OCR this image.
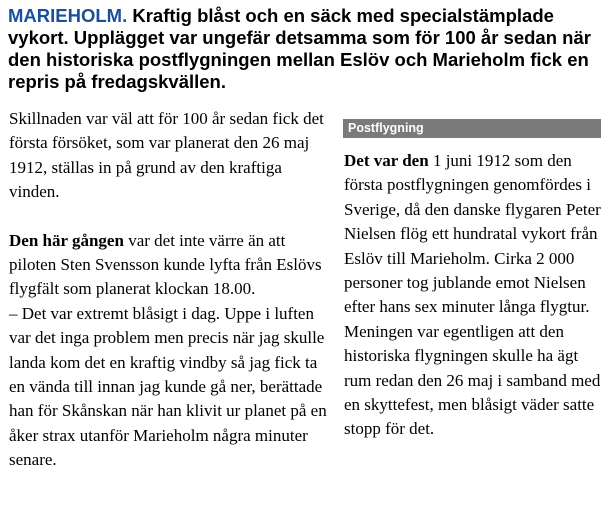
MARIEHOLM. Kraftig blåst och en säck med specialstämplade vykort. Upplägget var ungefär detsamma som för 100 år sedan när den historiska postflygningen mellan Eslöv och Marieholm fick en repris på fredagskvällen.

Skillnaden var väl att för 100 år sedan fick det första försöket, som var planerat den 26 maj 1912, ställas in på grund av den kraftiga vinden.

Den här gången var det inte värre än att piloten Sten Svensson kunde lyfta från Eslövs flygfält som planerat klockan 18.00.

– Det var extremt blåsigt i dag. Uppe i luften var det inga problem men precis när jag skulle landa kom det en kraftig vindby så jag fick ta en vända till innan jag kunde gå ner, berättade han för Skånskan när han klivit ur planet på en åker strax utanför Marieholm några minuter senare.

Postflygning

Det var den 1 juni 1912 som den första postflygningen genomfördes i Sverige, då den danske flygaren Peter Nielsen flög ett hundratal vykort från Eslöv till Marieholm. Cirka 2 000 personer tog jublande emot Nielsen efter hans sex minuter långa flygtur.

Meningen var egentligen att den historiska flygningen skulle ha ägt rum redan den 26 maj i samband med en skyttefest, men blåsigt väder satte stopp för det.
